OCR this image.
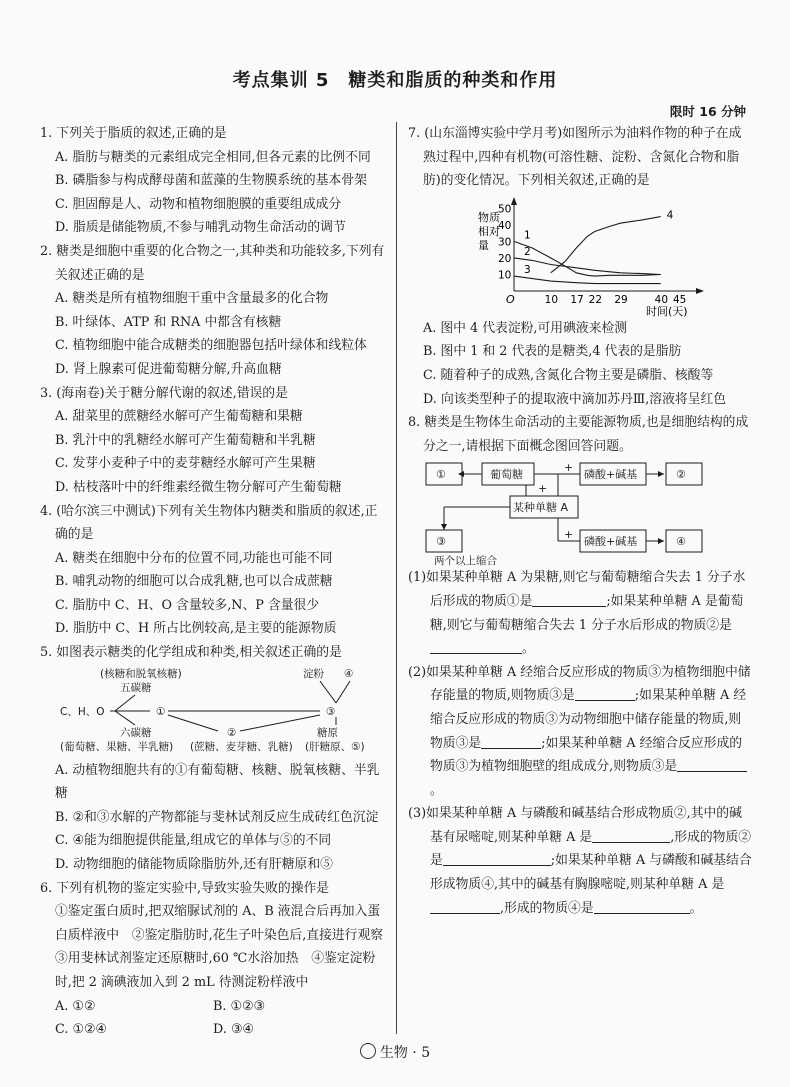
考点集训 5　糖类和脂质的种类和作用
限时 16 分钟
1. 下列关于脂质的叙述,正确的是
A. 脂肪与糖类的元素组成完全相同,但各元素的比例不同
B. 磷脂参与构成酵母菌和蓝藻的生物膜系统的基本骨架
C. 胆固醇是人、动物和植物细胞膜的重要组成成分
D. 脂质是储能物质,不参与哺乳动物生命活动的调节
2. 糖类是细胞中重要的化合物之一,其种类和功能较多,下列有关叙述正确的是
A. 糖类是所有植物细胞干重中含量最多的化合物
B. 叶绿体、ATP 和 RNA 中都含有核糖
C. 植物细胞中能合成糖类的细胞器包括叶绿体和线粒体
D. 肾上腺素可促进葡萄糖分解,升高血糖
3. (海南卷)关于糖分解代谢的叙述,错误的是
A. 甜菜里的蔗糖经水解可产生葡萄糖和果糖
B. 乳汁中的乳糖经水解可产生葡萄糖和半乳糖
C. 发芽小麦种子中的麦芽糖经水解可产生果糖
D. 枯枝落叶中的纤维素经微生物分解可产生葡萄糖
4. (哈尔滨三中测试)下列有关生物体内糖类和脂质的叙述,正确的是
A. 糖类在细胞中分布的位置不同,功能也可能不同
B. 哺乳动物的细胞可以合成乳糖,也可以合成蔗糖
C. 脂肪中 C、H、O 含量较多,N、P 含量很少
D. 脂肪中 C、H 所占比例较高,是主要的能源物质
5. 如图表示糖类的化学组成和种类,相关叙述正确的是
(核糖和脱氧核糖)
五碳糖
C、H、O	①
②
③
④
淀粉
六碳糖
(葡萄糖、果糖、半乳糖) (蔗糖、麦芽糖、乳糖)
糖原
(肝糖原、⑤)
A. 动植物细胞共有的①有葡萄糖、核糖、脱氧核糖、半乳糖
B. ②和③水解的产物都能与斐林试剂反应生成砖红色沉淀
C. ④能为细胞提供能量,组成它的单体与⑤的不同
D. 动物细胞的储能物质除脂肪外,还有肝糖原和⑤
6. 下列有机物的鉴定实验中,导致实验失败的操作是
①鉴定蛋白质时,把双缩脲试剂的 A、B 液混合后再加入蛋白质样液中　②鉴定脂肪时,花生子叶染色后,直接进行观察　③用斐林试剂鉴定还原糖时,60 ℃水浴加热　④鉴定淀粉时,把 2 滴碘液加入到 2 mL 待测淀粉样液中
A. ①②	B. ①②③
C. ①②④	D. ③④
7. (山东淄博实验中学月考)如图所示为油料作物的种子在成熟过程中,四种有机物(可溶性糖、淀粉、含氮化合物和脂肪)的变化情况。下列相关叙述,正确的是
物质
相对
量
O
时间(天)
10 17 22 29	40 45
10
20
30
40
50
1
2
3
4
A. 图中 4 代表淀粉,可用碘液来检测
B. 图中 1 和 2 代表的是糖类,4 代表的是脂肪
C. 随着种子的成熟,含氮化合物主要是磷脂、核酸等
D. 向该类型种子的提取液中滴加苏丹Ⅲ,溶液将呈红色
8. 糖类是生物体生命活动的主要能源物质,也是细胞结构的成分之一,请根据下面概念图回答问题。
①	葡萄糖	磷酸+碱基	②
某种单糖 A
③	磷酸+碱基	④
+
+
+
两个以上缩合
(1)如果某种单糖 A 为果糖,则它与葡萄糖缩合失去 1 分子水后形成的物质①是	;如果某种单糖 A 是葡萄糖,则它与葡萄糖缩合失去 1 分子水后形成的物质②是。
(2)如果某种单糖 A 经缩合反应形成的物质③为植物细胞中储存能量的物质,则物质③是	;如果某种单糖 A 经缩合反应形成的物质③为动物细胞中储存能量的物质,则物质③是	;如果某种单糖 A 经缩合反应形成的物质③为植物细胞壁的组成成分,则物质③是。
(3)如果某种单糖 A 与磷酸和碱基结合形成物质②,其中的碱基有尿嘧啶,则某种单糖 A 是	,形成的物质②是	;如果某种单糖 A 与磷酸和碱基结合形成物质④,其中的碱基有胸腺嘧啶,则某种单糖 A 是,形成的物质④是	。
生物 · 5
